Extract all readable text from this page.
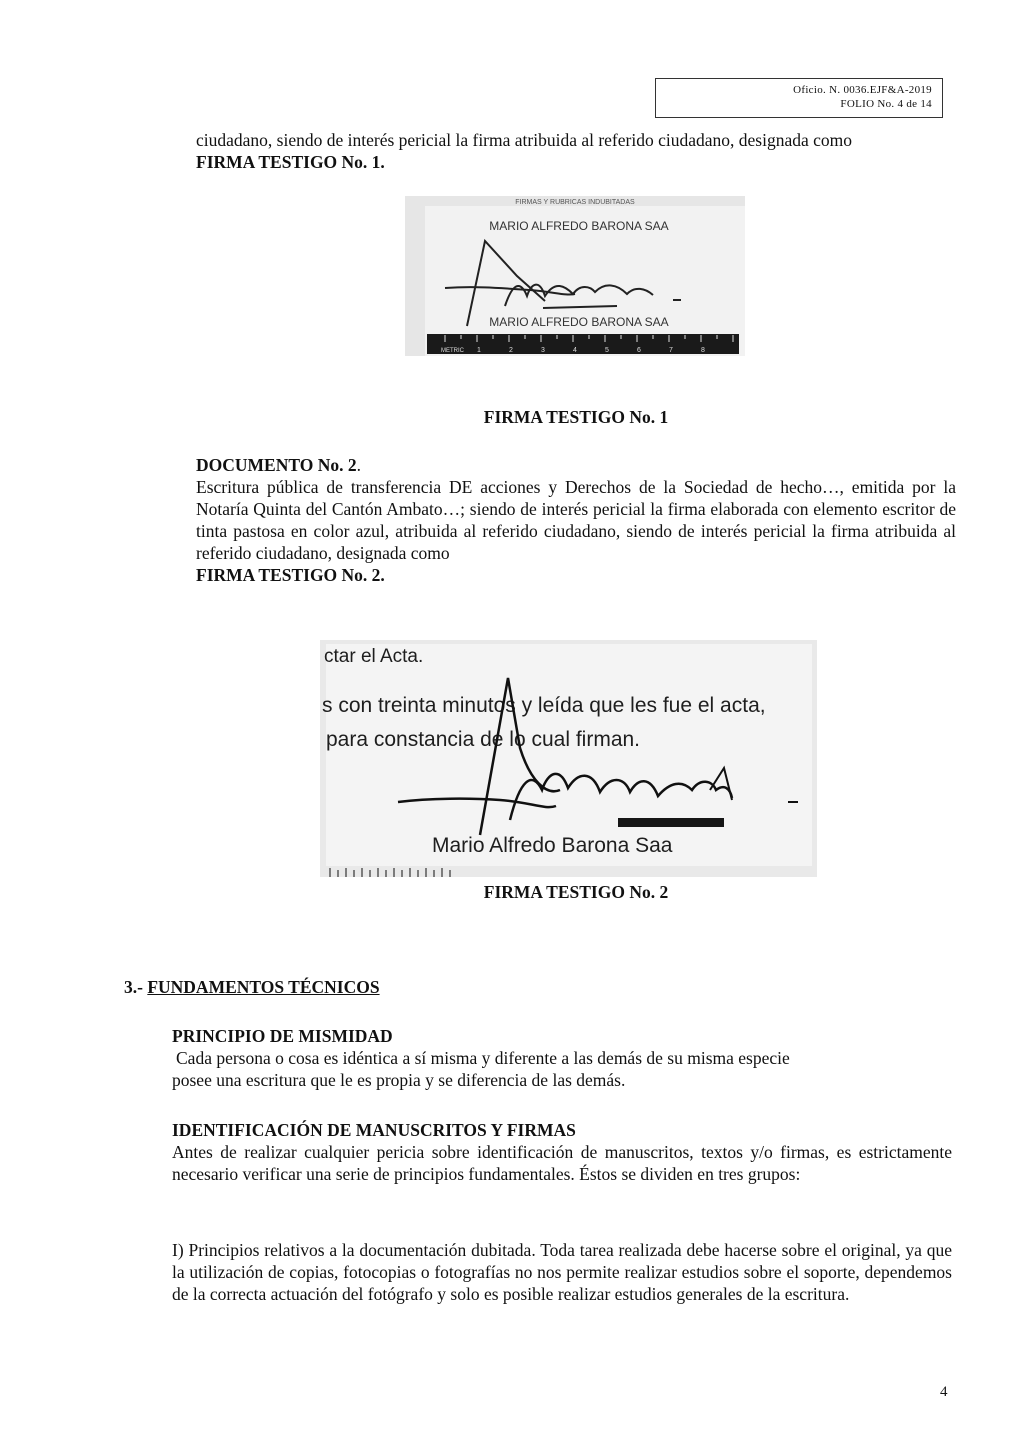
Oficio. N. 0036.EJF&A-2019
FOLIO No. 4 de 14
ciudadano, siendo de interés pericial la firma atribuida al referido ciudadano, designada como
FIRMA TESTIGO No. 1.
FIRMAS Y RUBRICAS INDUBITADAS
MARIO ALFREDO BARONA SAA
MARIO ALFREDO BARONA SAA
METRIC 1	2	3	4	5	6	7	8
FIRMA TESTIGO No. 1
DOCUMENTO No. 2.
Escritura pública de transferencia DE acciones y Derechos de la Sociedad de hecho…, emitida por la Notaría Quinta del Cantón Ambato…; siendo de interés pericial la firma elaborada con elemento escritor de tinta pastosa en color azul, atribuida al referido ciudadano, siendo de interés pericial la firma atribuida al referido ciudadano, designada como
FIRMA TESTIGO No. 2.
ctar el Acta.
s con treinta minutos y leída que les fue el acta,
para constancia de lo cual firman.
Mario Alfredo Barona Saa
FIRMA TESTIGO No. 2
3.- FUNDAMENTOS TÉCNICOS
PRINCIPIO DE MISMIDAD
Cada persona o cosa es idéntica a sí misma y diferente a las demás de su misma especie
posee una escritura que le es propia y se diferencia de las demás.
IDENTIFICACIÓN DE MANUSCRITOS Y FIRMAS
Antes de realizar cualquier pericia sobre identificación de manuscritos, textos y/o firmas, es estrictamente necesario verificar una serie de principios fundamentales. Éstos se dividen en tres grupos:
I) Principios relativos a la documentación dubitada. Toda tarea realizada debe hacerse sobre el original, ya que la utilización de copias, fotocopias o fotografías no nos permite realizar estudios sobre el soporte, dependemos de la correcta actuación del fotógrafo y solo es posible realizar estudios generales de la escritura.
4
